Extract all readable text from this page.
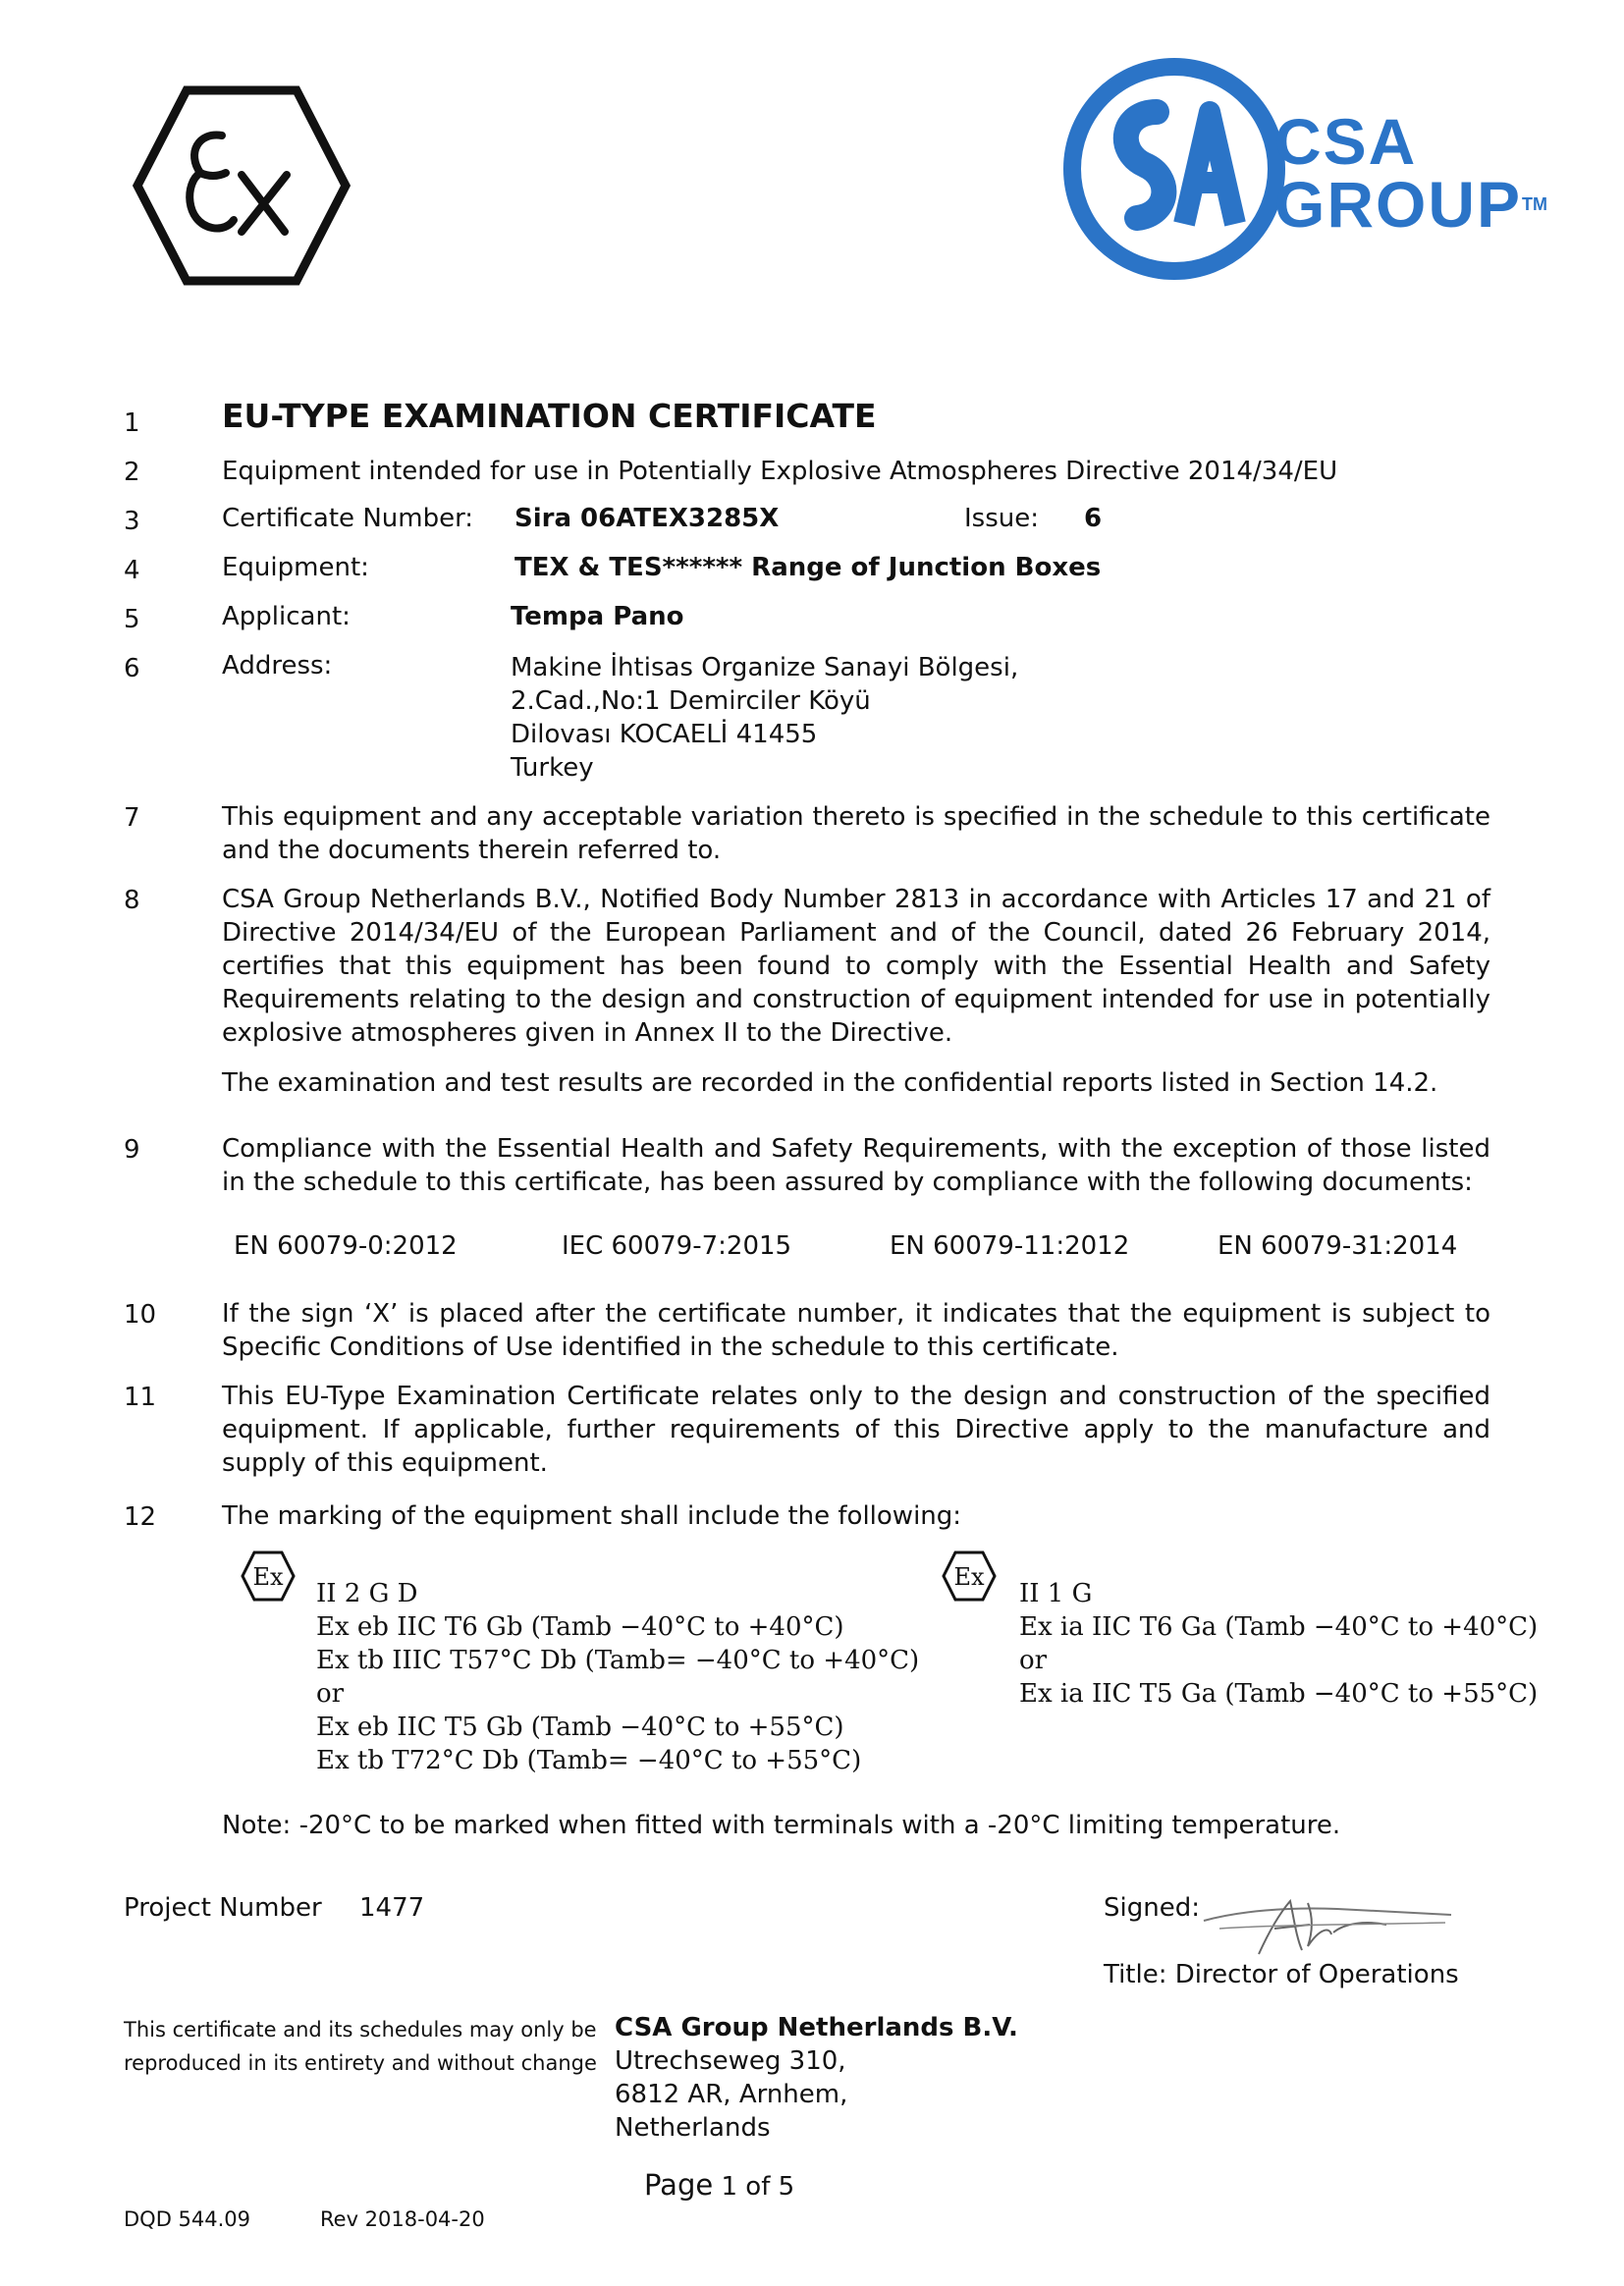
CSA
GROUP™
1	EU-TYPE EXAMINATION CERTIFICATE
2	Equipment intended for use in Potentially Explosive Atmospheres Directive 2014/34/EU
3	Certificate Number: Sira 06ATEX3285X	Issue: 6
4	Equipment:	TEX & TES****** Range of Junction Boxes
5	Applicant:	Tempa Pano
6	Address:	Makine İhtisas Organize Sanayi Bölgesi,
2.Cad.,No:1 Demirciler Köyü
Dilovası KOCAELİ 41455
Turkey
7	This equipment and any acceptable variation thereto is specified in the schedule to this certificate and the documents therein referred to.
8	CSA Group Netherlands B.V., Notified Body Number 2813 in accordance with Articles 17 and 21 of Directive 2014/34/EU of the European Parliament and of the Council, dated 26 February 2014, certifies that this equipment has been found to comply with the Essential Health and Safety Requirements relating to the design and construction of equipment intended for use in potentially explosive atmospheres given in Annex II to the Directive.
The examination and test results are recorded in the confidential reports listed in Section 14.2.
9	Compliance with the Essential Health and Safety Requirements, with the exception of those listed in the schedule to this certificate, has been assured by compliance with the following documents:
EN 60079-0:2012	IEC 60079-7:2015	EN 60079-11:2012	EN 60079-31:2014
10	If the sign ‘X’ is placed after the certificate number, it indicates that the equipment is subject to Specific Conditions of Use identified in the schedule to this certificate.
11	This EU-Type Examination Certificate relates only to the design and construction of the specified equipment. If applicable, further requirements of this Directive apply to the manufacture and supply of this equipment.
12	The marking of the equipment shall include the following:
Ex
II 2 G D
Ex eb IIC T6 Gb (Tamb −40°C to +40°C)
Ex tb IIIC T57°C Db (Tamb= −40°C to +40°C)
or
Ex eb IIC T5 Gb (Tamb −40°C to +55°C)
Ex tb T72°C Db (Tamb= −40°C to +55°C)
Ex
II 1 G
Ex ia IIC T6 Ga (Tamb −40°C to +40°C)
or
Ex ia IIC T5 Ga (Tamb −40°C to +55°C)
Note: -20°C to be marked when fitted with terminals with a -20°C limiting temperature.
Project Number 1477	Signed:
Title: Director of Operations
This certificate and its schedules may only be
reproduced in its entirety and without change
CSA Group Netherlands B.V.
Utrechseweg 310,
6812 AR, Arnhem,
Netherlands
Page 1 of 5
DQD 544.09	Rev 2018-04-20
